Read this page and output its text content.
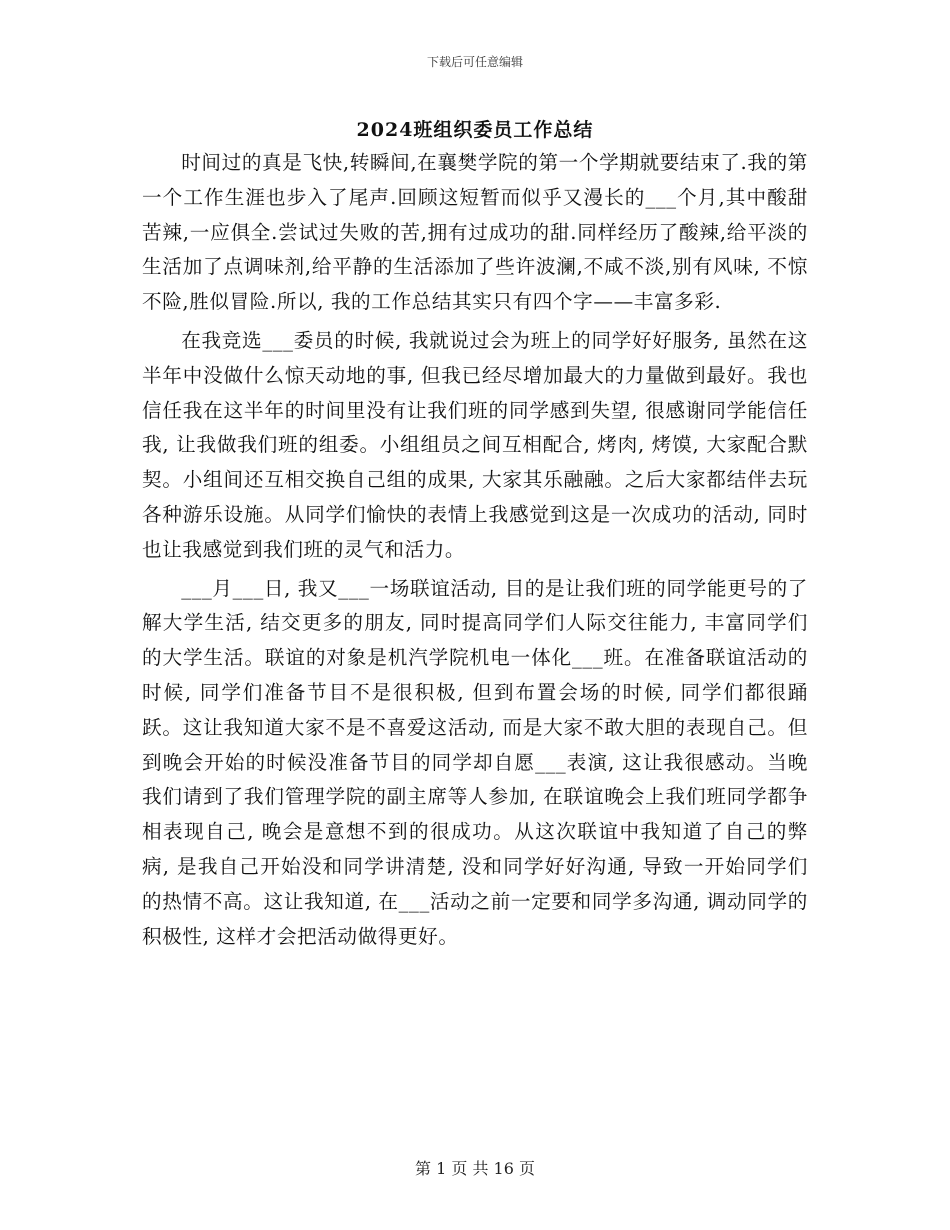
下载后可任意编辑
2024班组织委员工作总结

时间过的真是飞快,转瞬间,在襄樊学院的第一个学期就要结束了.我的第一个工作生涯也步入了尾声.回顾这短暂而似乎又漫长的___个月,其中酸甜苦辣,一应俱全.尝试过失败的苦,拥有过成功的甜.同样经历了酸辣,给平淡的生活加了点调味剂,给平静的生活添加了些许波澜,不咸不淡,别有风味, 不惊不险,胜似冒险.所以, 我的工作总结其实只有四个字——丰富多彩.

在我竞选___委员的时候, 我就说过会为班上的同学好好服务, 虽然在这半年中没做什么惊天动地的事, 但我已经尽增加最大的力量做到最好。我也信任我在这半年的时间里没有让我们班的同学感到失望, 很感谢同学能信任我, 让我做我们班的组委。小组组员之间互相配合, 烤肉, 烤馍, 大家配合默契。小组间还互相交换自己组的成果, 大家其乐融融。之后大家都结伴去玩各种游乐设施。从同学们愉快的表情上我感觉到这是一次成功的活动, 同时也让我感觉到我们班的灵气和活力。

___月___日, 我又___一场联谊活动, 目的是让我们班的同学能更号的了解大学生活, 结交更多的朋友, 同时提高同学们人际交往能力, 丰富同学们的大学生活。联谊的对象是机汽学院机电一体化___班。在准备联谊活动的时候, 同学们准备节目不是很积极, 但到布置会场的时候, 同学们都很踊跃。这让我知道大家不是不喜爱这活动, 而是大家不敢大胆的表现自己。但到晚会开始的时候没准备节目的同学却自愿___表演, 这让我很感动。当晚我们请到了我们管理学院的副主席等人参加, 在联谊晚会上我们班同学都争相表现自己, 晚会是意想不到的很成功。从这次联谊中我知道了自己的弊病, 是我自己开始没和同学讲清楚, 没和同学好好沟通, 导致一开始同学们的热情不高。这让我知道, 在___活动之前一定要和同学多沟通, 调动同学的积极性, 这样才会把活动做得更好。

第 1 页 共 16 页
